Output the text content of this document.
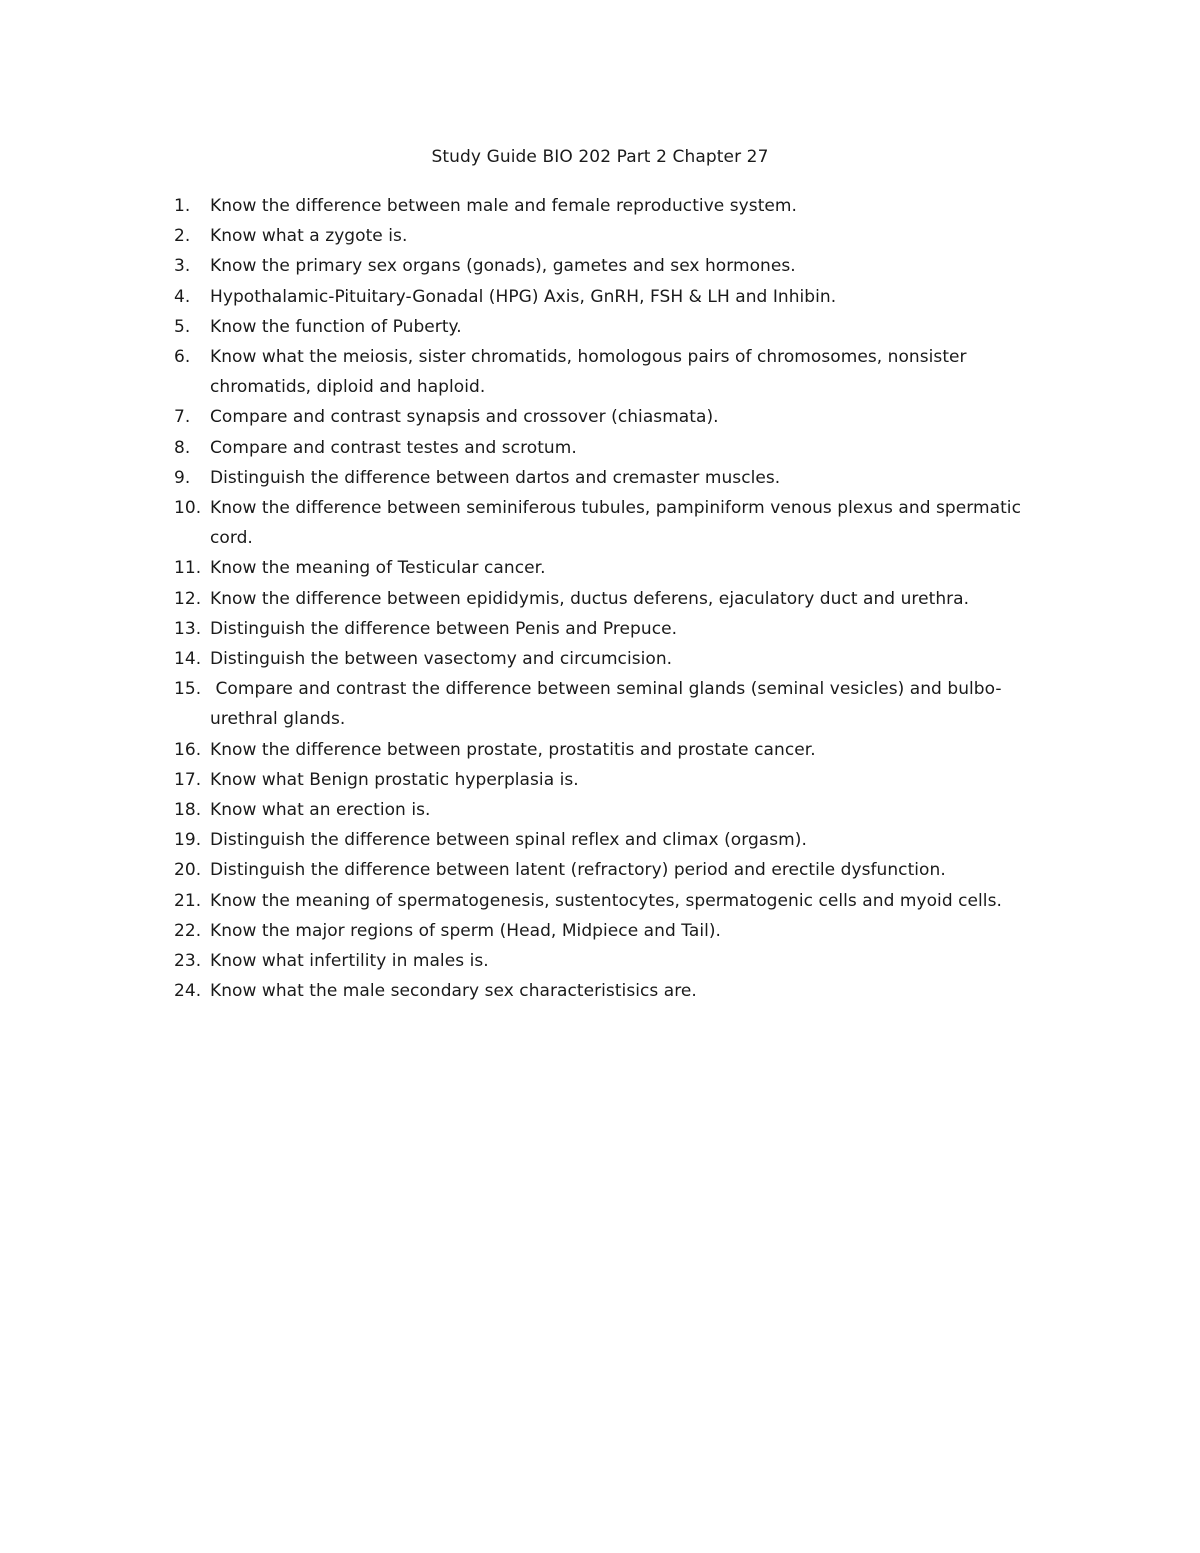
Study Guide BIO 202 Part 2 Chapter 27
1. Know the difference between male and female reproductive system.
2. Know what a zygote is.
3. Know the primary sex organs (gonads), gametes and sex hormones.
4. Hypothalamic-Pituitary-Gonadal (HPG) Axis, GnRH, FSH & LH and Inhibin.
5. Know the function of Puberty.
6. Know what the meiosis, sister chromatids, homologous pairs of chromosomes, nonsister chromatids, diploid and haploid.
7. Compare and contrast synapsis and crossover (chiasmata).
8. Compare and contrast testes and scrotum.
9. Distinguish the difference between dartos and cremaster muscles.
10. Know the difference between seminiferous tubules, pampiniform venous plexus and spermatic cord.
11. Know the meaning of Testicular cancer.
12. Know the difference between epididymis, ductus deferens, ejaculatory duct and urethra.
13. Distinguish the difference between Penis and Prepuce.
14. Distinguish the between vasectomy and circumcision.
15. Compare and contrast the difference between seminal glands (seminal vesicles) and bulbo-urethral glands.
16. Know the difference between prostate, prostatitis and prostate cancer.
17. Know what Benign prostatic hyperplasia is.
18. Know what an erection is.
19. Distinguish the difference between spinal reflex and climax (orgasm).
20. Distinguish the difference between latent (refractory) period and erectile dysfunction.
21. Know the meaning of spermatogenesis, sustentocytes, spermatogenic cells and myoid cells.
22. Know the major regions of sperm (Head, Midpiece and Tail).
23. Know what infertility in males is.
24. Know what the male secondary sex characteristisics are.
